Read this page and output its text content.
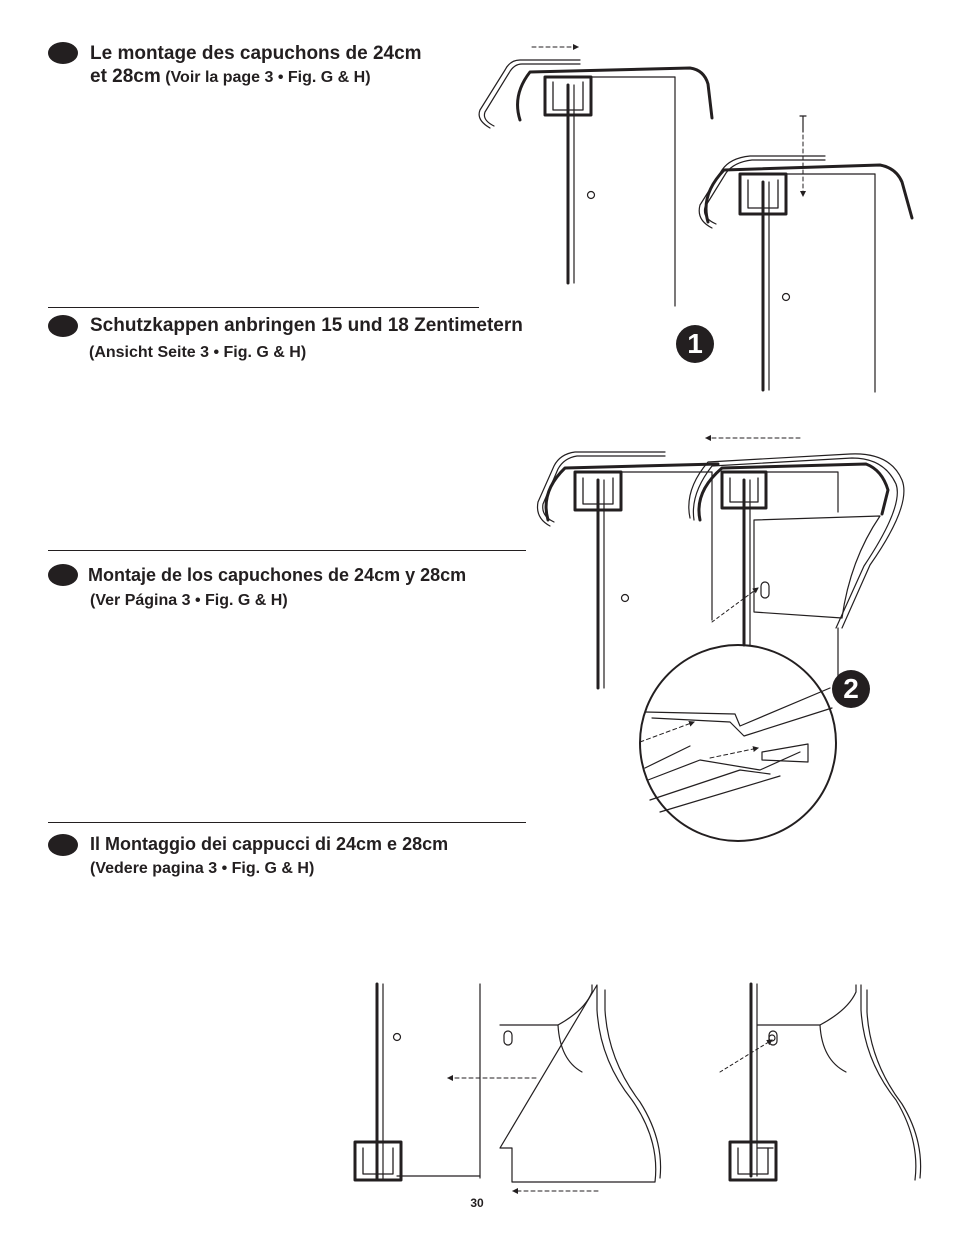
Le montage des capuchons de 24cm
et 28cm (Voir la page 3 • Fig. G & H)
Schutzkappen anbringen 15 und 18 Zentimetern
(Ansicht Seite 3 • Fig. G & H)
Montaje de los capuchones de 24cm y 28cm
(Ver Página 3 • Fig. G & H)
Il Montaggio dei cappucci di 24cm e 28cm
(Vedere pagina 3 • Fig. G & H)
1
2
30
